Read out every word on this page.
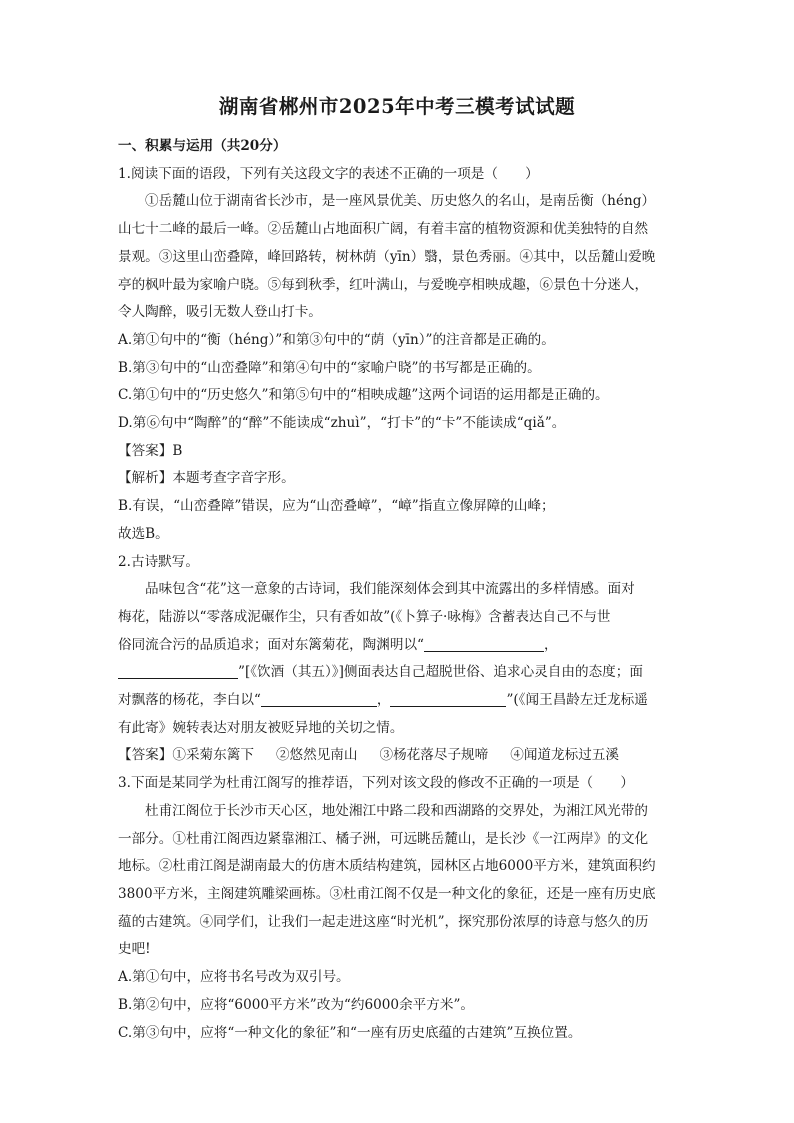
湖南省郴州市2025年中考三模考试试题

一、积累与运用（共20分）

1.阅读下面的语段，下列有关这段文字的表述不正确的一项是（　　）

①岳麓山位于湖南省长沙市，是一座风景优美、历史悠久的名山，是南岳衡（héng）

山七十二峰的最后一峰。②岳麓山占地面积广阔，有着丰富的植物资源和优美独特的自然

景观。③这里山峦叠障，峰回路转，树林荫（yīn）翳，景色秀丽。④其中，以岳麓山爱晚

亭的枫叶最为家喻户晓。⑤每到秋季，红叶满山，与爱晚亭相映成趣，⑥景色十分迷人，

令人陶醉，吸引无数人登山打卡。

A.第①句中的“衡（héng）”和第③句中的“荫（yīn）”的注音都是正确的。

B.第③句中的“山峦叠障”和第④句中的“家喻户晓”的书写都是正确的。

C.第①句中的“历史悠久”和第⑤句中的“相映成趣”这两个词语的运用都是正确的。

D.第⑥句中“陶醉”的“醉”不能读成“zhuì”，“打卡”的“卡”不能读成“qiǎ”。

【答案】B

【解析】本题考查字音字形。

B.有误，“山峦叠障”错误，应为“山峦叠嶂”，“嶂”指直立像屏障的山峰；

故选B。

2.古诗默写。

品味包含“花”这一意象的古诗词，我们能深刻体会到其中流露出的多样情感。面对

梅花，陆游以“零落成泥碾作尘，只有香如故”(《卜算子·咏梅》含蓄表达自己不与世

俗同流合污的品质追求；面对东篱菊花，陶渊明以“	，

”[《饮酒（其五）》]侧面表达自己超脱世俗、追求心灵自由的态度；面

对飘落的杨花，李白以“	，	”(《闻王昌龄左迁龙标遥

有此寄》婉转表达对朋友被贬异地的关切之情。

【答案】①采菊东篱下 ②悠然见南山 ③杨花落尽子规啼 ④闻道龙标过五溪

3.下面是某同学为杜甫江阁写的推荐语，下列对该文段的修改不正确的一项是（　　）

杜甫江阁位于长沙市天心区，地处湘江中路二段和西湖路的交界处，为湘江风光带的

一部分。①杜甫江阁西边紧靠湘江、橘子洲，可远眺岳麓山，是长沙《一江两岸》的文化

地标。②杜甫江阁是湖南最大的仿唐木质结构建筑，园林区占地6000平方米，建筑面积约

3800平方米，主阁建筑雕梁画栋。③杜甫江阁不仅是一种文化的象征，还是一座有历史底

蕴的古建筑。④同学们，让我们一起走进这座“时光机”，探究那份浓厚的诗意与悠久的历

史吧!

A.第①句中，应将书名号改为双引号。

B.第②句中，应将“6000平方米”改为“约6000余平方米”。

C.第③句中，应将“一种文化的象征”和“一座有历史底蕴的古建筑”互换位置。
